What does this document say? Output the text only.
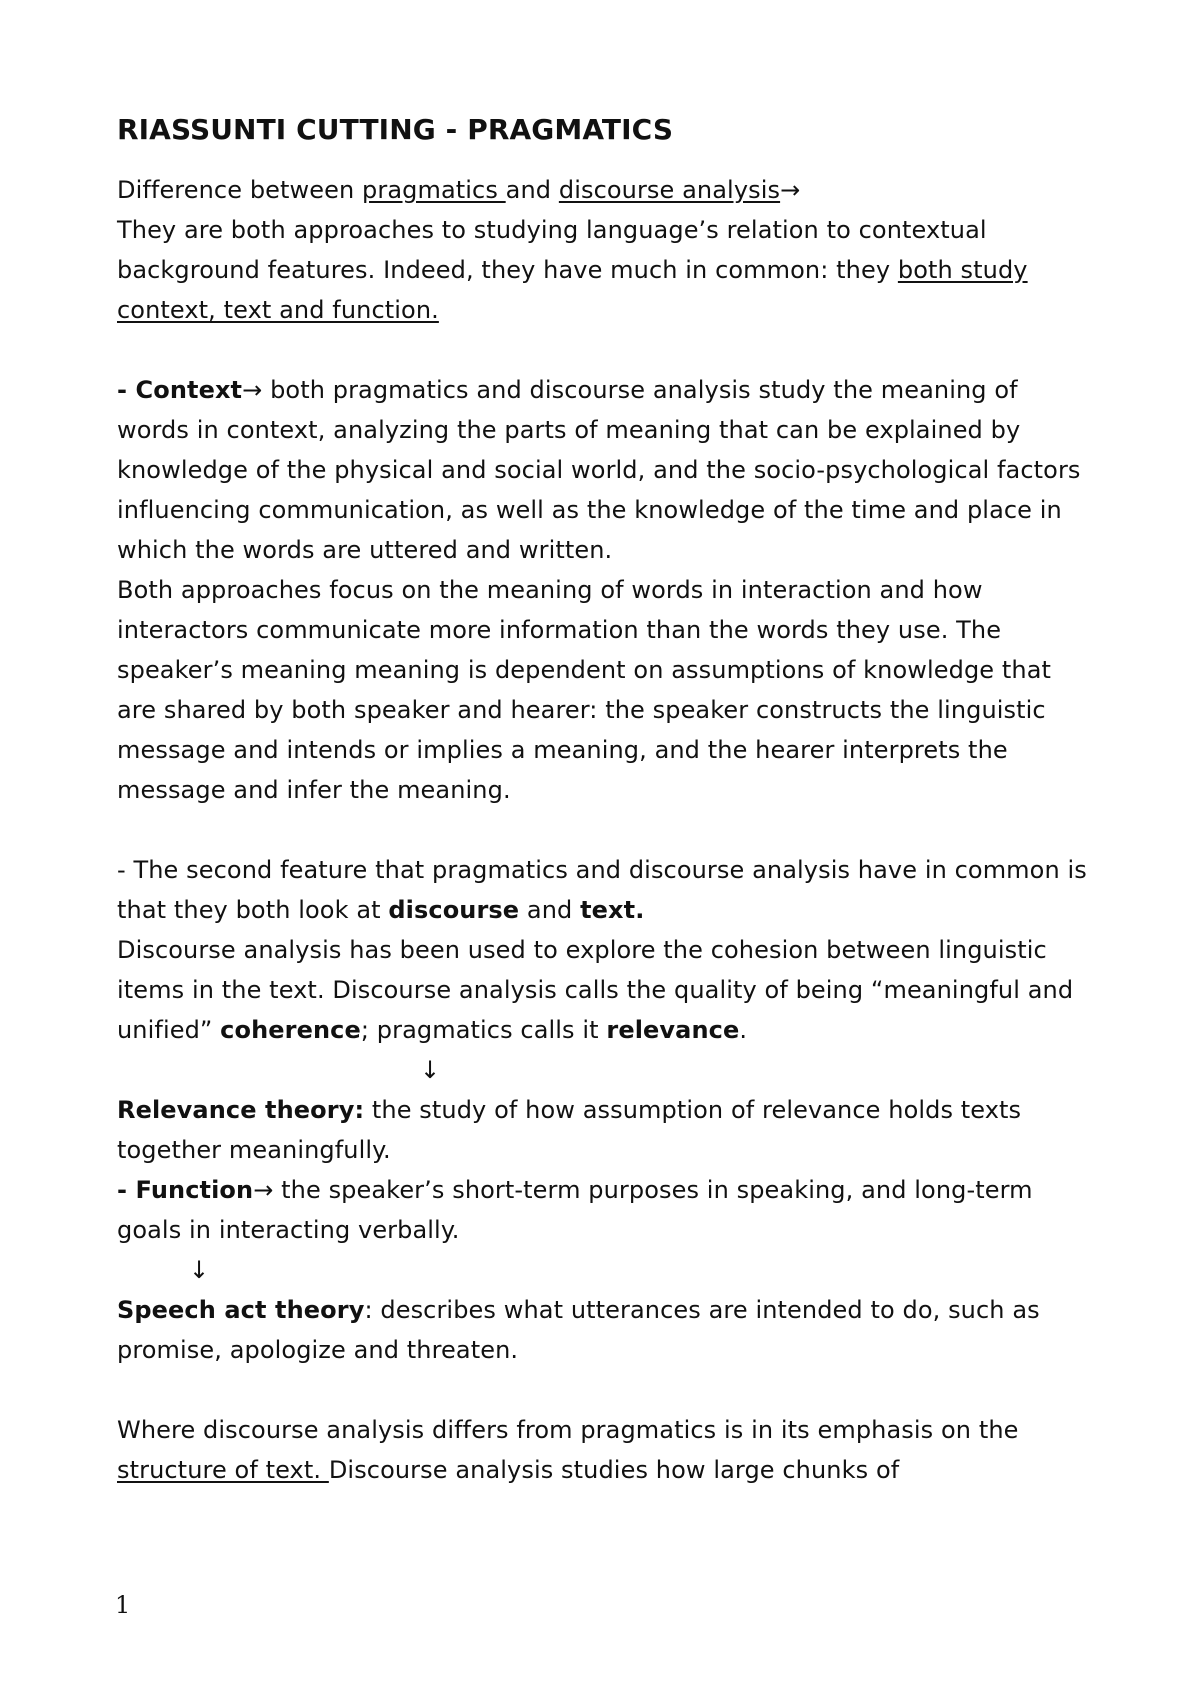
RIASSUNTI CUTTING - PRAGMATICS

Difference between pragmatics and discourse analysis→
They are both approaches to studying language’s relation to contextual background features. Indeed, they have much in common: they both study context, text and function.

- Context→ both pragmatics and discourse analysis study the meaning of words in context, analyzing the parts of meaning that can be explained by knowledge of the physical and social world, and the socio-psychological factors influencing communication, as well as the knowledge of the time and place in which the words are uttered and written.

Both approaches focus on the meaning of words in interaction and how interactors communicate more information than the words they use. The speaker’s meaning meaning is dependent on assumptions of knowledge that are shared by both speaker and hearer: the speaker constructs the linguistic message and intends or implies a meaning, and the hearer interprets the message and infer the meaning.

- The second feature that pragmatics and discourse analysis have in common is that they both look at discourse and text.

Discourse analysis has been used to explore the cohesion between linguistic items in the text. Discourse analysis calls the quality of being “meaningful and unified” coherence; pragmatics calls it relevance.

↓

Relevance theory: the study of how assumption of relevance holds texts together meaningfully.

- Function→ the speaker’s short-term purposes in speaking, and long-term goals in interacting verbally.

↓

Speech act theory: describes what utterances are intended to do, such as promise, apologize and threaten.

Where discourse analysis differs from pragmatics is in its emphasis on the structure of text. Discourse analysis studies how large chunks of

1
